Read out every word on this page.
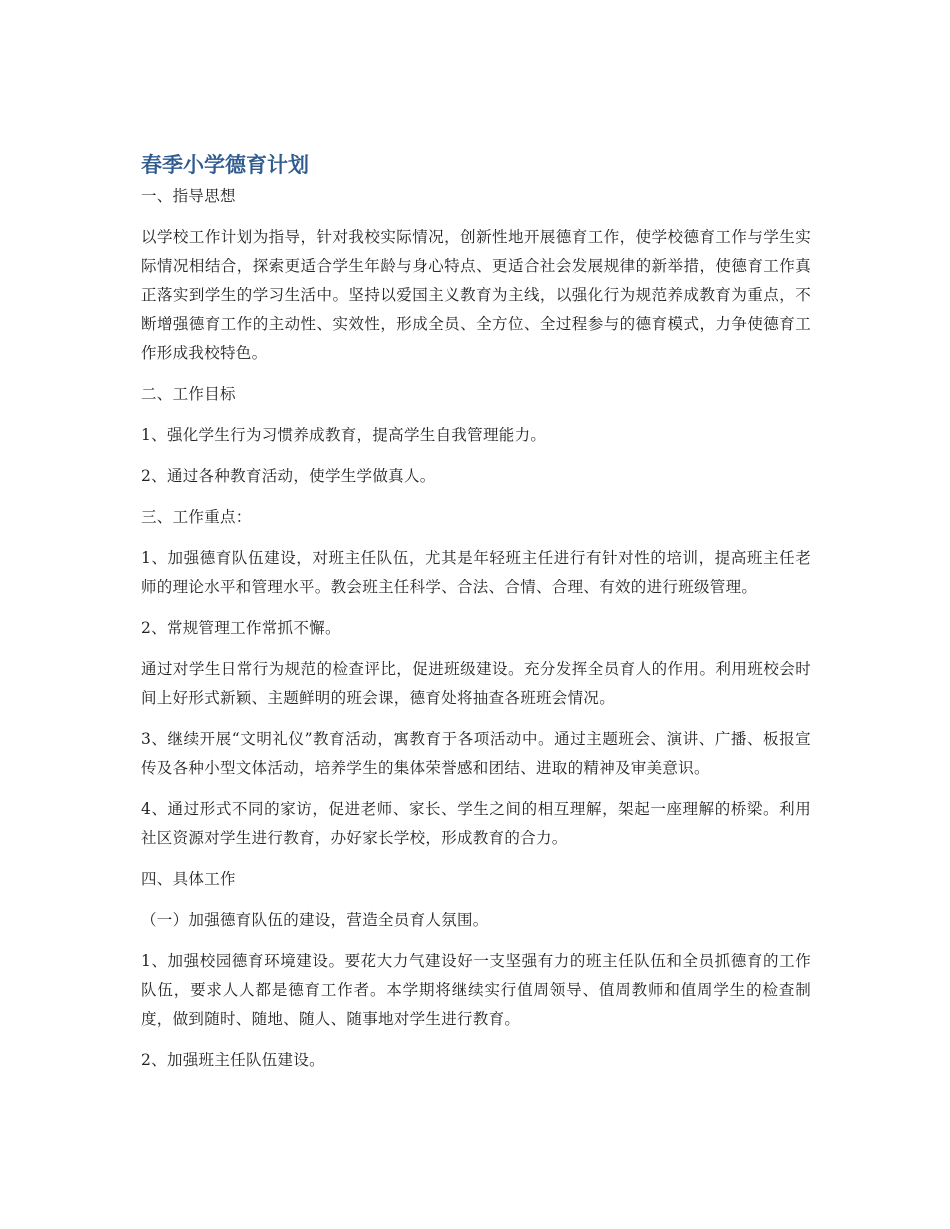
春季小学德育计划

一、指导思想

以学校工作计划为指导，针对我校实际情况，创新性地开展德育工作，使学校德育工作与学生实际情况相结合，探索更适合学生年龄与身心特点、更适合社会发展规律的新举措，使德育工作真正落实到学生的学习生活中。坚持以爱国主义教育为主线，以强化行为规范养成教育为重点，不断增强德育工作的主动性、实效性，形成全员、全方位、全过程参与的德育模式，力争使德育工作形成我校特色。

二、工作目标

1、强化学生行为习惯养成教育，提高学生自我管理能力。

2、通过各种教育活动，使学生学做真人。

三、工作重点：

1、加强德育队伍建设，对班主任队伍，尤其是年轻班主任进行有针对性的培训，提高班主任老师的理论水平和管理水平。教会班主任科学、合法、合情、合理、有效的进行班级管理。

2、常规管理工作常抓不懈。

通过对学生日常行为规范的检查评比，促进班级建设。充分发挥全员育人的作用。利用班校会时间上好形式新颖、主题鲜明的班会课，德育处将抽查各班班会情况。

3、继续开展“文明礼仪”教育活动，寓教育于各项活动中。通过主题班会、演讲、广播、板报宣传及各种小型文体活动，培养学生的集体荣誉感和团结、进取的精神及审美意识。

4、通过形式不同的家访，促进老师、家长、学生之间的相互理解，架起一座理解的桥梁。利用社区资源对学生进行教育，办好家长学校，形成教育的合力。

四、具体工作

（一）加强德育队伍的建设，营造全员育人氛围。

1、加强校园德育环境建设。要花大力气建设好一支坚强有力的班主任队伍和全员抓德育的工作队伍，要求人人都是德育工作者。本学期将继续实行值周领导、值周教师和值周学生的检查制度，做到随时、随地、随人、随事地对学生进行教育。

2、加强班主任队伍建设。
